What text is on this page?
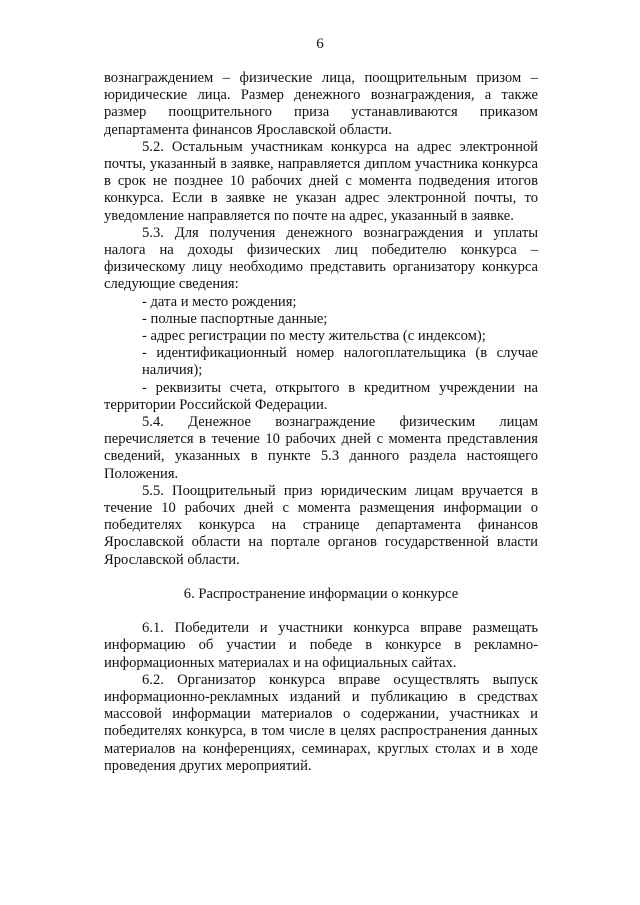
6

вознаграждением – физические лица, поощрительным призом – юридические лица. Размер денежного вознаграждения, а также размер поощрительного приза устанавливаются приказом департамента финансов Ярославской области.

5.2. Остальным участникам конкурса на адрес электронной почты, указанный в заявке, направляется диплом участника конкурса в срок не позднее 10 рабочих дней с момента подведения итогов конкурса. Если в заявке не указан адрес электронной почты, то уведомление направляется по почте на адрес, указанный в заявке.

5.3. Для получения денежного вознаграждения и уплаты налога на доходы физических лиц победителю конкурса – физическому лицу необходимо представить организатору конкурса следующие сведения:

- дата и место рождения;

- полные паспортные данные;

- адрес регистрации по месту жительства (с индексом);

- идентификационный номер налогоплательщика (в случае наличия);

- реквизиты счета, открытого в кредитном учреждении на территории Российской Федерации.

5.4. Денежное вознаграждение физическим лицам перечисляется в течение 10 рабочих дней с момента представления сведений, указанных в пункте 5.3 данного раздела настоящего Положения.

5.5. Поощрительный приз юридическим лицам вручается в течение 10 рабочих дней с момента размещения информации о победителях конкурса на странице департамента финансов Ярославской области на портале органов государственной власти Ярославской области.

6. Распространение информации о конкурсе

6.1. Победители и участники конкурса вправе размещать информацию об участии и победе в конкурсе в рекламно-информационных материалах и на официальных сайтах.

6.2. Организатор конкурса вправе осуществлять выпуск информационно-рекламных изданий и публикацию в средствах массовой информации материалов о содержании, участниках и победителях конкурса, в том числе в целях распространения данных материалов на конференциях, семинарах, круглых столах и в ходе проведения других мероприятий.
